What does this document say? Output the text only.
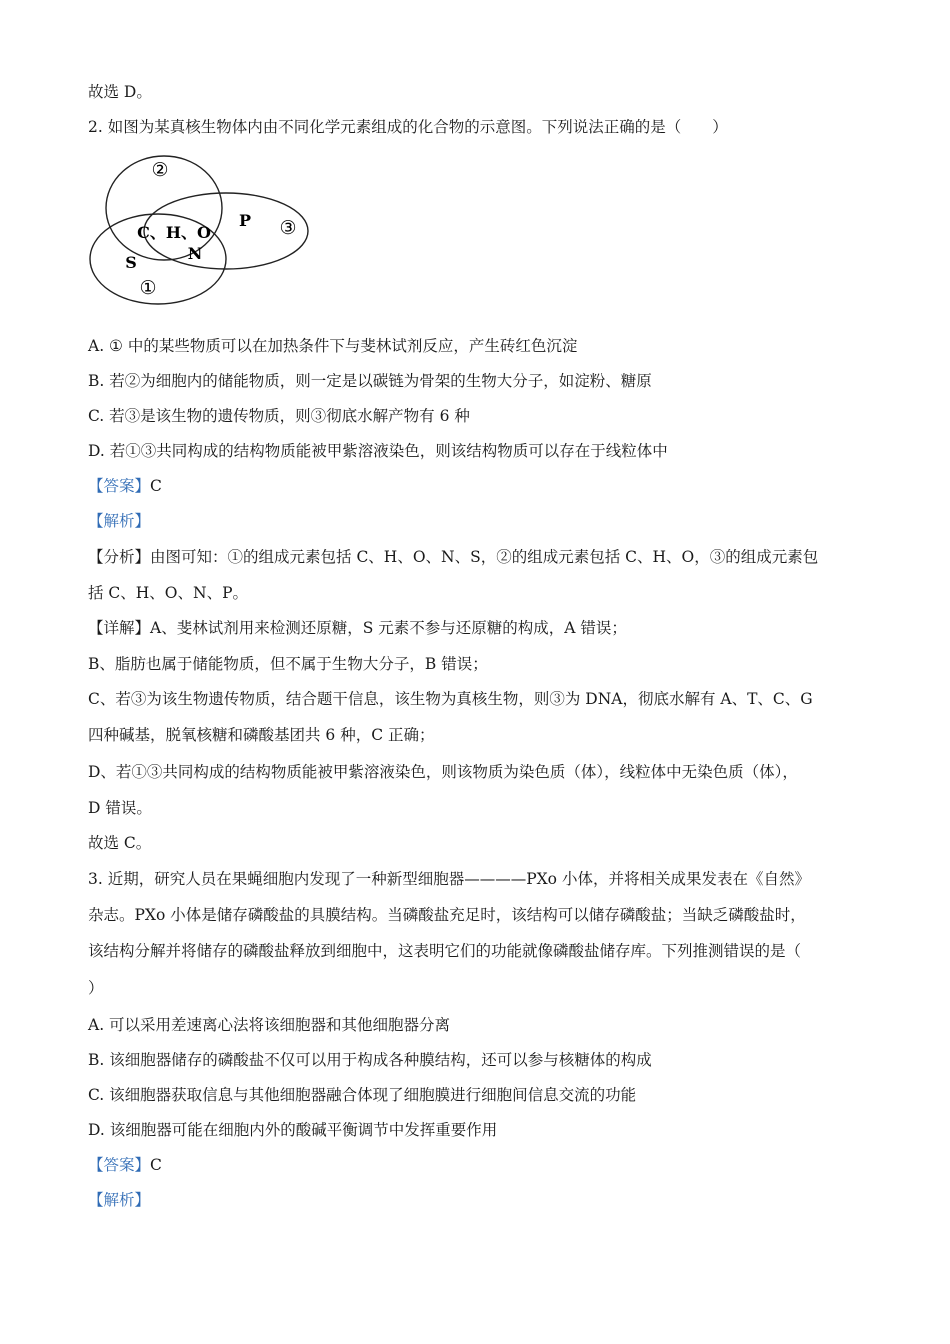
故选 D。
2. 如图为某真核生物体内由不同化学元素组成的化合物的示意图。下列说法正确的是（　　）
②
③
①
C、H、O
N
P
S
A. ① 中的某些物质可以在加热条件下与斐林试剂反应，产生砖红色沉淀
B. 若②为细胞内的储能物质，则一定是以碳链为骨架的生物大分子，如淀粉、糖原
C. 若③是该生物的遗传物质，则③彻底水解产物有 6 种
D. 若①③共同构成的结构物质能被甲紫溶液染色，则该结构物质可以存在于线粒体中
【答案】C
【解析】
【分析】由图可知：①的组成元素包括 C、H、O、N、S，②的组成元素包括 C、H、O，③的组成元素包
括 C、H、O、N、P。
【详解】A、斐林试剂用来检测还原糖，S 元素不参与还原糖的构成，A 错误；
B、脂肪也属于储能物质，但不属于生物大分子，B 错误；
C、若③为该生物遗传物质，结合题干信息，该生物为真核生物，则③为 DNA，彻底水解有 A、T、C、G
四种碱基，脱氧核糖和磷酸基团共 6 种，C 正确；
D、若①③共同构成的结构物质能被甲紫溶液染色，则该物质为染色质（体），线粒体中无染色质（体），
D 错误。
故选 C。
3. 近期，研究人员在果蝇细胞内发现了一种新型细胞器————PXo 小体，并将相关成果发表在《自然》
杂志。PXo 小体是储存磷酸盐的具膜结构。当磷酸盐充足时，该结构可以储存磷酸盐；当缺乏磷酸盐时，
该结构分解并将储存的磷酸盐释放到细胞中，这表明它们的功能就像磷酸盐储存库。下列推测错误的是（
）
A. 可以采用差速离心法将该细胞器和其他细胞器分离
B. 该细胞器储存的磷酸盐不仅可以用于构成各种膜结构，还可以参与核糖体的构成
C. 该细胞器获取信息与其他细胞器融合体现了细胞膜进行细胞间信息交流的功能
D. 该细胞器可能在细胞内外的酸碱平衡调节中发挥重要作用
【答案】C
【解析】
